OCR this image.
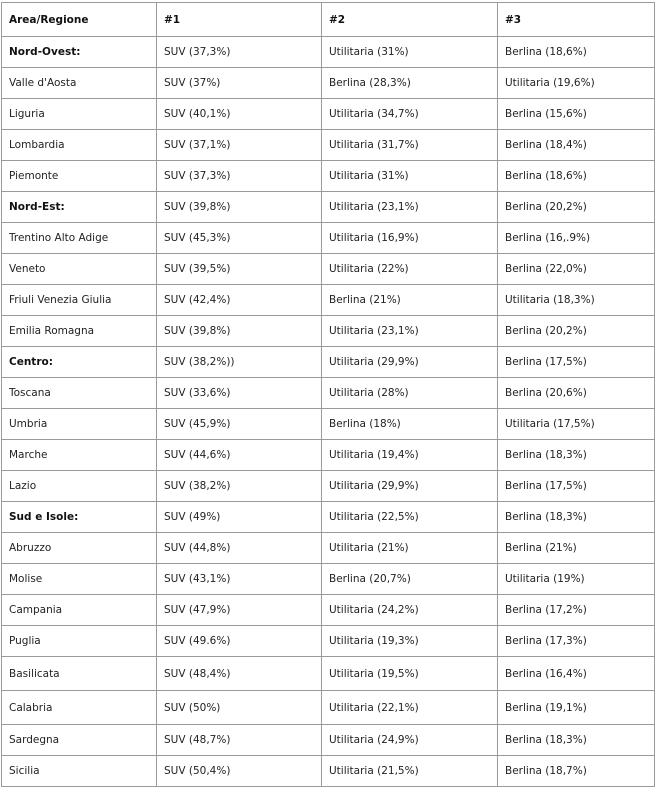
Area/Regione	#1	#2	#3
Nord-Ovest:	SUV (37,3%)	Utilitaria (31%)	Berlina (18,6%)
Valle d'Aosta	SUV (37%)	Berlina (28,3%)	Utilitaria (19,6%)
Liguria	SUV (40,1%)	Utilitaria (34,7%)	Berlina (15,6%)
Lombardia	SUV (37,1%)	Utilitaria (31,7%)	Berlina (18,4%)
Piemonte	SUV (37,3%)	Utilitaria (31%)	Berlina (18,6%)
Nord-Est:	SUV (39,8%)	Utilitaria (23,1%)	Berlina (20,2%)
Trentino Alto Adige	SUV (45,3%)	Utilitaria (16,9%)	Berlina (16,.9%)
Veneto	SUV (39,5%)	Utilitaria (22%)	Berlina (22,0%)
Friuli Venezia Giulia	SUV (42,4%)	Berlina (21%)	Utilitaria (18,3%)
Emilia Romagna	SUV (39,8%)	Utilitaria (23,1%)	Berlina (20,2%)
Centro:	SUV (38,2%))	Utilitaria (29,9%)	Berlina (17,5%)
Toscana	SUV (33,6%)	Utilitaria (28%)	Berlina (20,6%)
Umbria	SUV (45,9%)	Berlina (18%)	Utilitaria (17,5%)
Marche	SUV (44,6%)	Utilitaria (19,4%)	Berlina (18,3%)
Lazio	SUV (38,2%)	Utilitaria (29,9%)	Berlina (17,5%)
Sud e Isole:	SUV (49%)	Utilitaria (22,5%)	Berlina (18,3%)
Abruzzo	SUV (44,8%)	Utilitaria (21%)	Berlina (21%)
Molise	SUV (43,1%)	Berlina (20,7%)	Utilitaria (19%)
Campania	SUV (47,9%)	Utilitaria (24,2%)	Berlina (17,2%)
Puglia	SUV (49.6%)	Utilitaria (19,3%)	Berlina (17,3%)
Basilicata	SUV (48,4%)	Utilitaria (19,5%)	Berlina (16,4%)
Calabria	SUV (50%)	Utilitaria (22,1%)	Berlina (19,1%)
Sardegna	SUV (48,7%)	Utilitaria (24,9%)	Berlina (18,3%)
Sicilia	SUV (50,4%)	Utilitaria (21,5%)	Berlina (18,7%)
